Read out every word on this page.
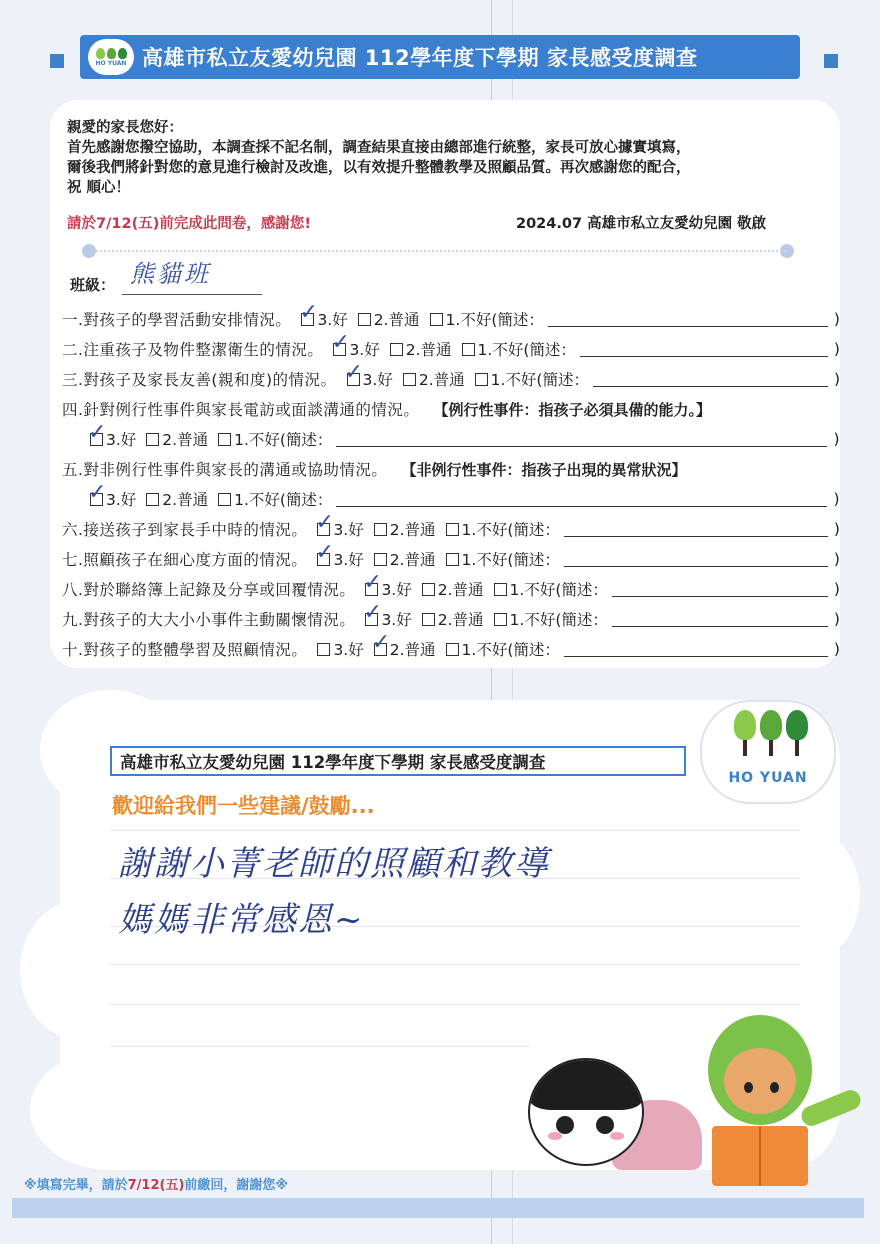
HO YUAN 高雄市私立友愛幼兒園 112學年度下學期 家長感受度調查

親愛的家長您好：

首先感謝您撥空協助，本調查採不記名制，調查結果直接由總部進行統整，家長可放心據實填寫，

爾後我們將針對您的意見進行檢討及改進，以有效提升整體教學及照顧品質。再次感謝您的配合，

祝 順心！

請於7/12(五)前完成此問卷，感謝您!	2024.07 高雄市私立友愛幼兒園 敬啟
班級： 熊貓班
一.對孩子的學習活動安排情況。 ✓ 3.好 2.普通 1.不好(簡述：	)
二.注重孩子及物件整潔衛生的情況。 ✓ 3.好 2.普通 1.不好(簡述：	)
三.對孩子及家長友善(親和度)的情況。 ✓ 3.好 2.普通 1.不好(簡述：	)
四.針對例行性事件與家長電訪或面談溝通的情況。 【例行性事件：指孩子必須具備的能力。】
✓ 3.好 2.普通 1.不好(簡述：	)
五.對非例行性事件與家長的溝通或協助情況。 【非例行性事件：指孩子出現的異常狀況】
✓ 3.好 2.普通 1.不好(簡述：	)
六.接送孩子到家長手中時的情況。 ✓ 3.好 2.普通 1.不好(簡述：	)
七.照顧孩子在細心度方面的情況。 ✓ 3.好 2.普通 1.不好(簡述：	)
八.對於聯絡簿上記錄及分享或回覆情況。 ✓ 3.好 2.普通 1.不好(簡述：	)
九.對孩子的大大小小事件主動關懷情況。 ✓ 3.好 2.普通 1.不好(簡述：	)
十.對孩子的整體學習及照顧情況。 3.好 ✓ 2.普通 1.不好(簡述：	)
HO YUAN
高雄市私立友愛幼兒園 112學年度下學期 家長感受度調查
歡迎給我們一些建議/鼓勵...
謝謝小菁老師的照顧和教導
媽媽非常感恩~
※填寫完畢，請於7/12(五)前繳回，謝謝您※
